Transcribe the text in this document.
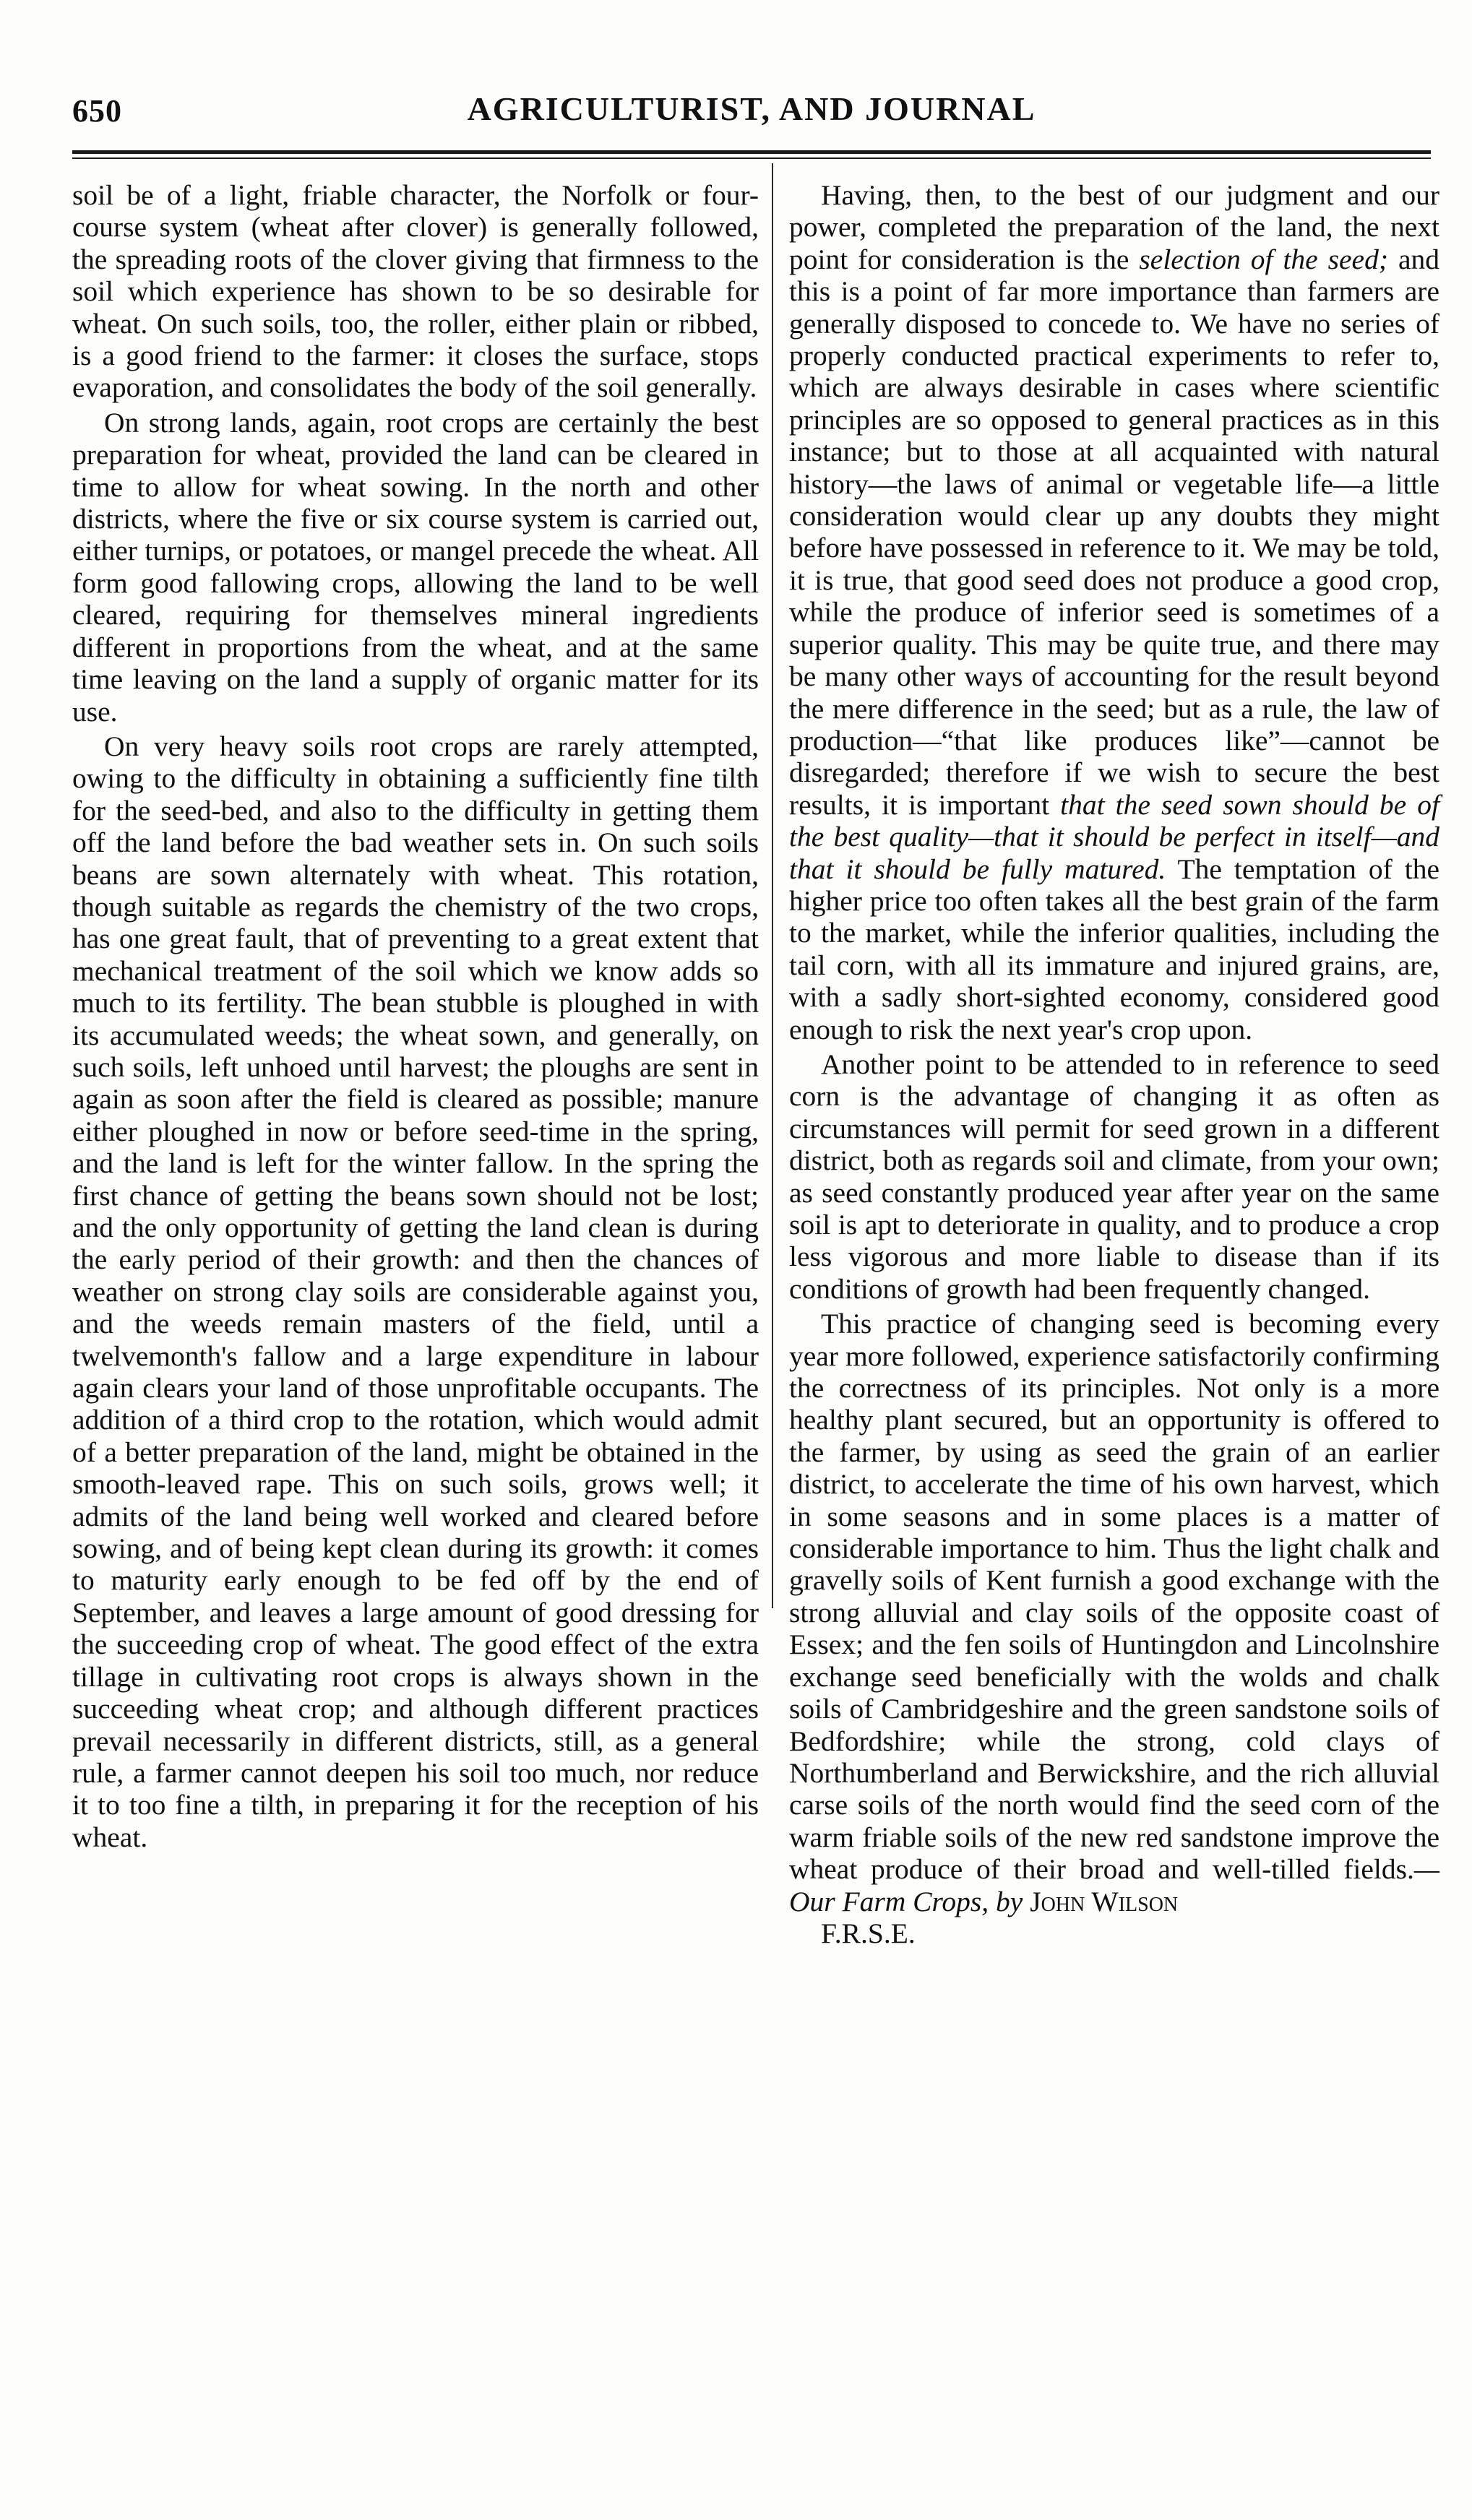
650	AGRICULTURIST, AND JOURNAL

soil be of a light, friable character, the Norfolk or four-course system (wheat after clover) is generally followed, the spreading roots of the clover giving that firmness to the soil which experience has shown to be so desirable for wheat. On such soils, too, the roller, either plain or ribbed, is a good friend to the farmer: it closes the surface, stops evaporation, and consolidates the body of the soil generally.

On strong lands, again, root crops are certainly the best preparation for wheat, provided the land can be cleared in time to allow for wheat sowing. In the north and other districts, where the five or six course system is carried out, either turnips, or potatoes, or mangel precede the wheat. All form good fallowing crops, allowing the land to be well cleared, requiring for themselves mineral ingredients different in proportions from the wheat, and at the same time leaving on the land a supply of organic matter for its use.

On very heavy soils root crops are rarely attempted, owing to the difficulty in obtaining a sufficiently fine tilth for the seed-bed, and also to the difficulty in getting them off the land before the bad weather sets in. On such soils beans are sown alternately with wheat. This rotation, though suitable as regards the chemistry of the two crops, has one great fault, that of preventing to a great extent that mechanical treatment of the soil which we know adds so much to its fertility. The bean stubble is ploughed in with its accumulated weeds; the wheat sown, and generally, on such soils, left unhoed until harvest; the ploughs are sent in again as soon after the field is cleared as possible; manure either ploughed in now or before seed-time in the spring, and the land is left for the winter fallow. In the spring the first chance of getting the beans sown should not be lost; and the only opportunity of getting the land clean is during the early period of their growth: and then the chances of weather on strong clay soils are considerable against you, and the weeds remain masters of the field, until a twelvemonth's fallow and a large expenditure in labour again clears your land of those unprofitable occupants. The addition of a third crop to the rotation, which would admit of a better preparation of the land, might be obtained in the smooth-leaved rape. This on such soils, grows well; it admits of the land being well worked and cleared before sowing, and of being kept clean during its growth: it comes to maturity early enough to be fed off by the end of September, and leaves a large amount of good dressing for the succeeding crop of wheat. The good effect of the extra tillage in cultivating root crops is always shown in the succeeding wheat crop; and although different practices prevail necessarily in different districts, still, as a general rule, a farmer cannot deepen his soil too much, nor reduce it to too fine a tilth, in preparing it for the reception of his wheat.

Having, then, to the best of our judgment and our power, completed the preparation of the land, the next point for consideration is the selection of the seed; and this is a point of far more importance than farmers are generally disposed to concede to. We have no series of properly conducted practical experiments to refer to, which are always desirable in cases where scientific principles are so opposed to general practices as in this instance; but to those at all acquainted with natural history—the laws of animal or vegetable life—a little consideration would clear up any doubts they might before have possessed in reference to it. We may be told, it is true, that good seed does not produce a good crop, while the produce of inferior seed is sometimes of a superior quality. This may be quite true, and there may be many other ways of accounting for the result beyond the mere difference in the seed; but as a rule, the law of production—“that like produces like”—cannot be disregarded; therefore if we wish to secure the best results, it is important that the seed sown should be of the best quality—that it should be perfect in itself—and that it should be fully matured. The temptation of the higher price too often takes all the best grain of the farm to the market, while the inferior qualities, including the tail corn, with all its immature and injured grains, are, with a sadly short-sighted economy, considered good enough to risk the next year's crop upon.

Another point to be attended to in reference to seed corn is the advantage of changing it as often as circumstances will permit for seed grown in a different district, both as regards soil and climate, from your own; as seed constantly produced year after year on the same soil is apt to deteriorate in quality, and to produce a crop less vigorous and more liable to disease than if its conditions of growth had been frequently changed.

This practice of changing seed is becoming every year more followed, experience satisfactorily confirming the correctness of its principles. Not only is a more healthy plant secured, but an opportunity is offered to the farmer, by using as seed the grain of an earlier district, to accelerate the time of his own harvest, which in some seasons and in some places is a matter of considerable importance to him. Thus the light chalk and gravelly soils of Kent furnish a good exchange with the strong alluvial and clay soils of the opposite coast of Essex; and the fen soils of Huntingdon and Lincolnshire exchange seed beneficially with the wolds and chalk soils of Cambridgeshire and the green sandstone soils of Bedfordshire; while the strong, cold clays of Northumberland and Berwickshire, and the rich alluvial carse soils of the north would find the seed corn of the warm friable soils of the new red sandstone improve the wheat produce of their broad and well-tilled fields.—Our Farm Crops, by John Wilson
F.R.S.E.
